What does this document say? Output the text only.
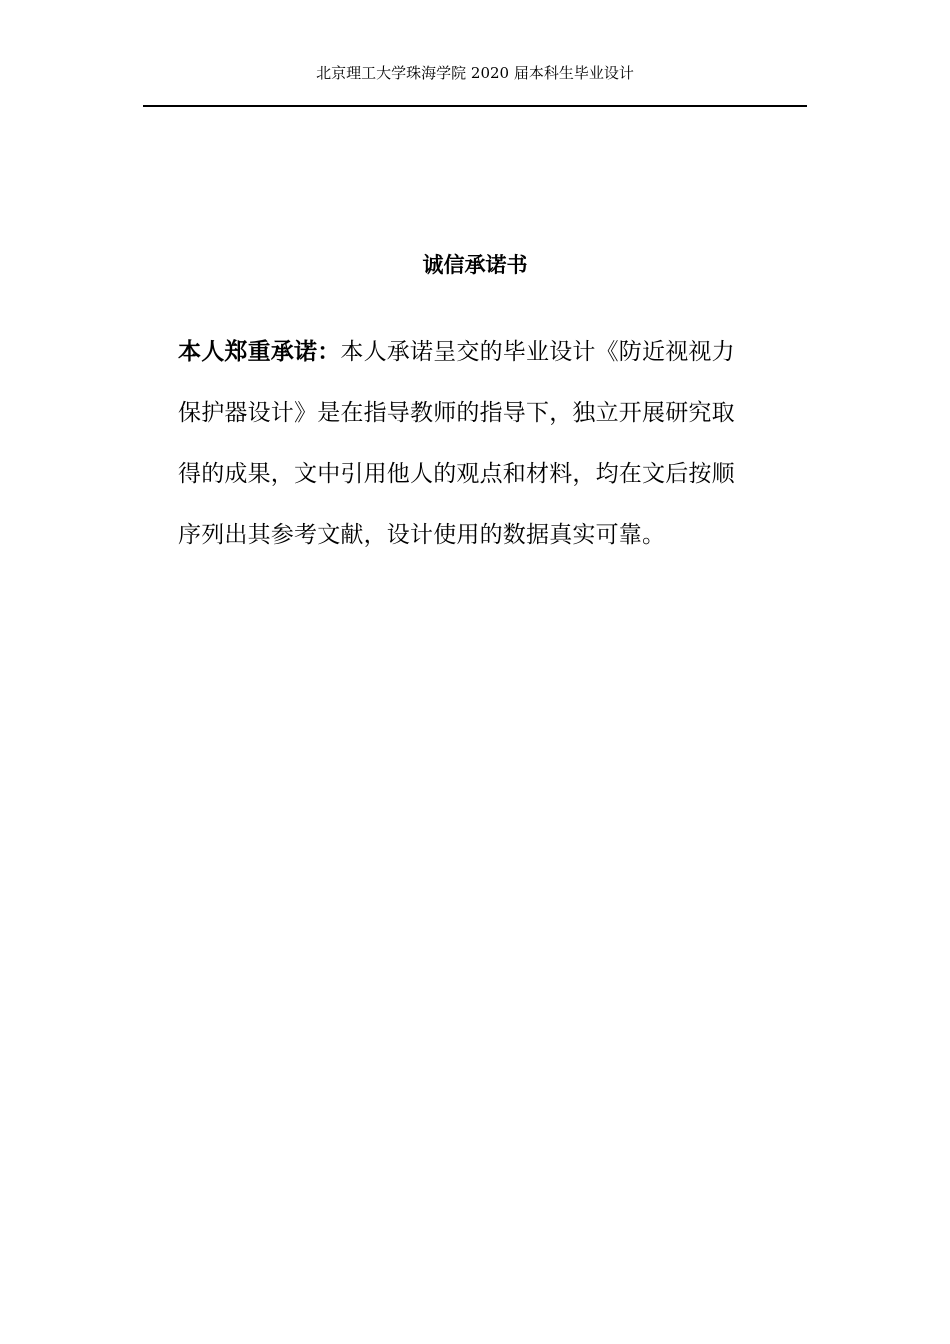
北京理工大学珠海学院 2020 届本科生毕业设计
诚信承诺书
本人郑重承诺：本人承诺呈交的毕业设计《防近视视力
保护器设计》是在指导教师的指导下，独立开展研究取
得的成果，文中引用他人的观点和材料，均在文后按顺
序列出其参考文献，设计使用的数据真实可靠。
